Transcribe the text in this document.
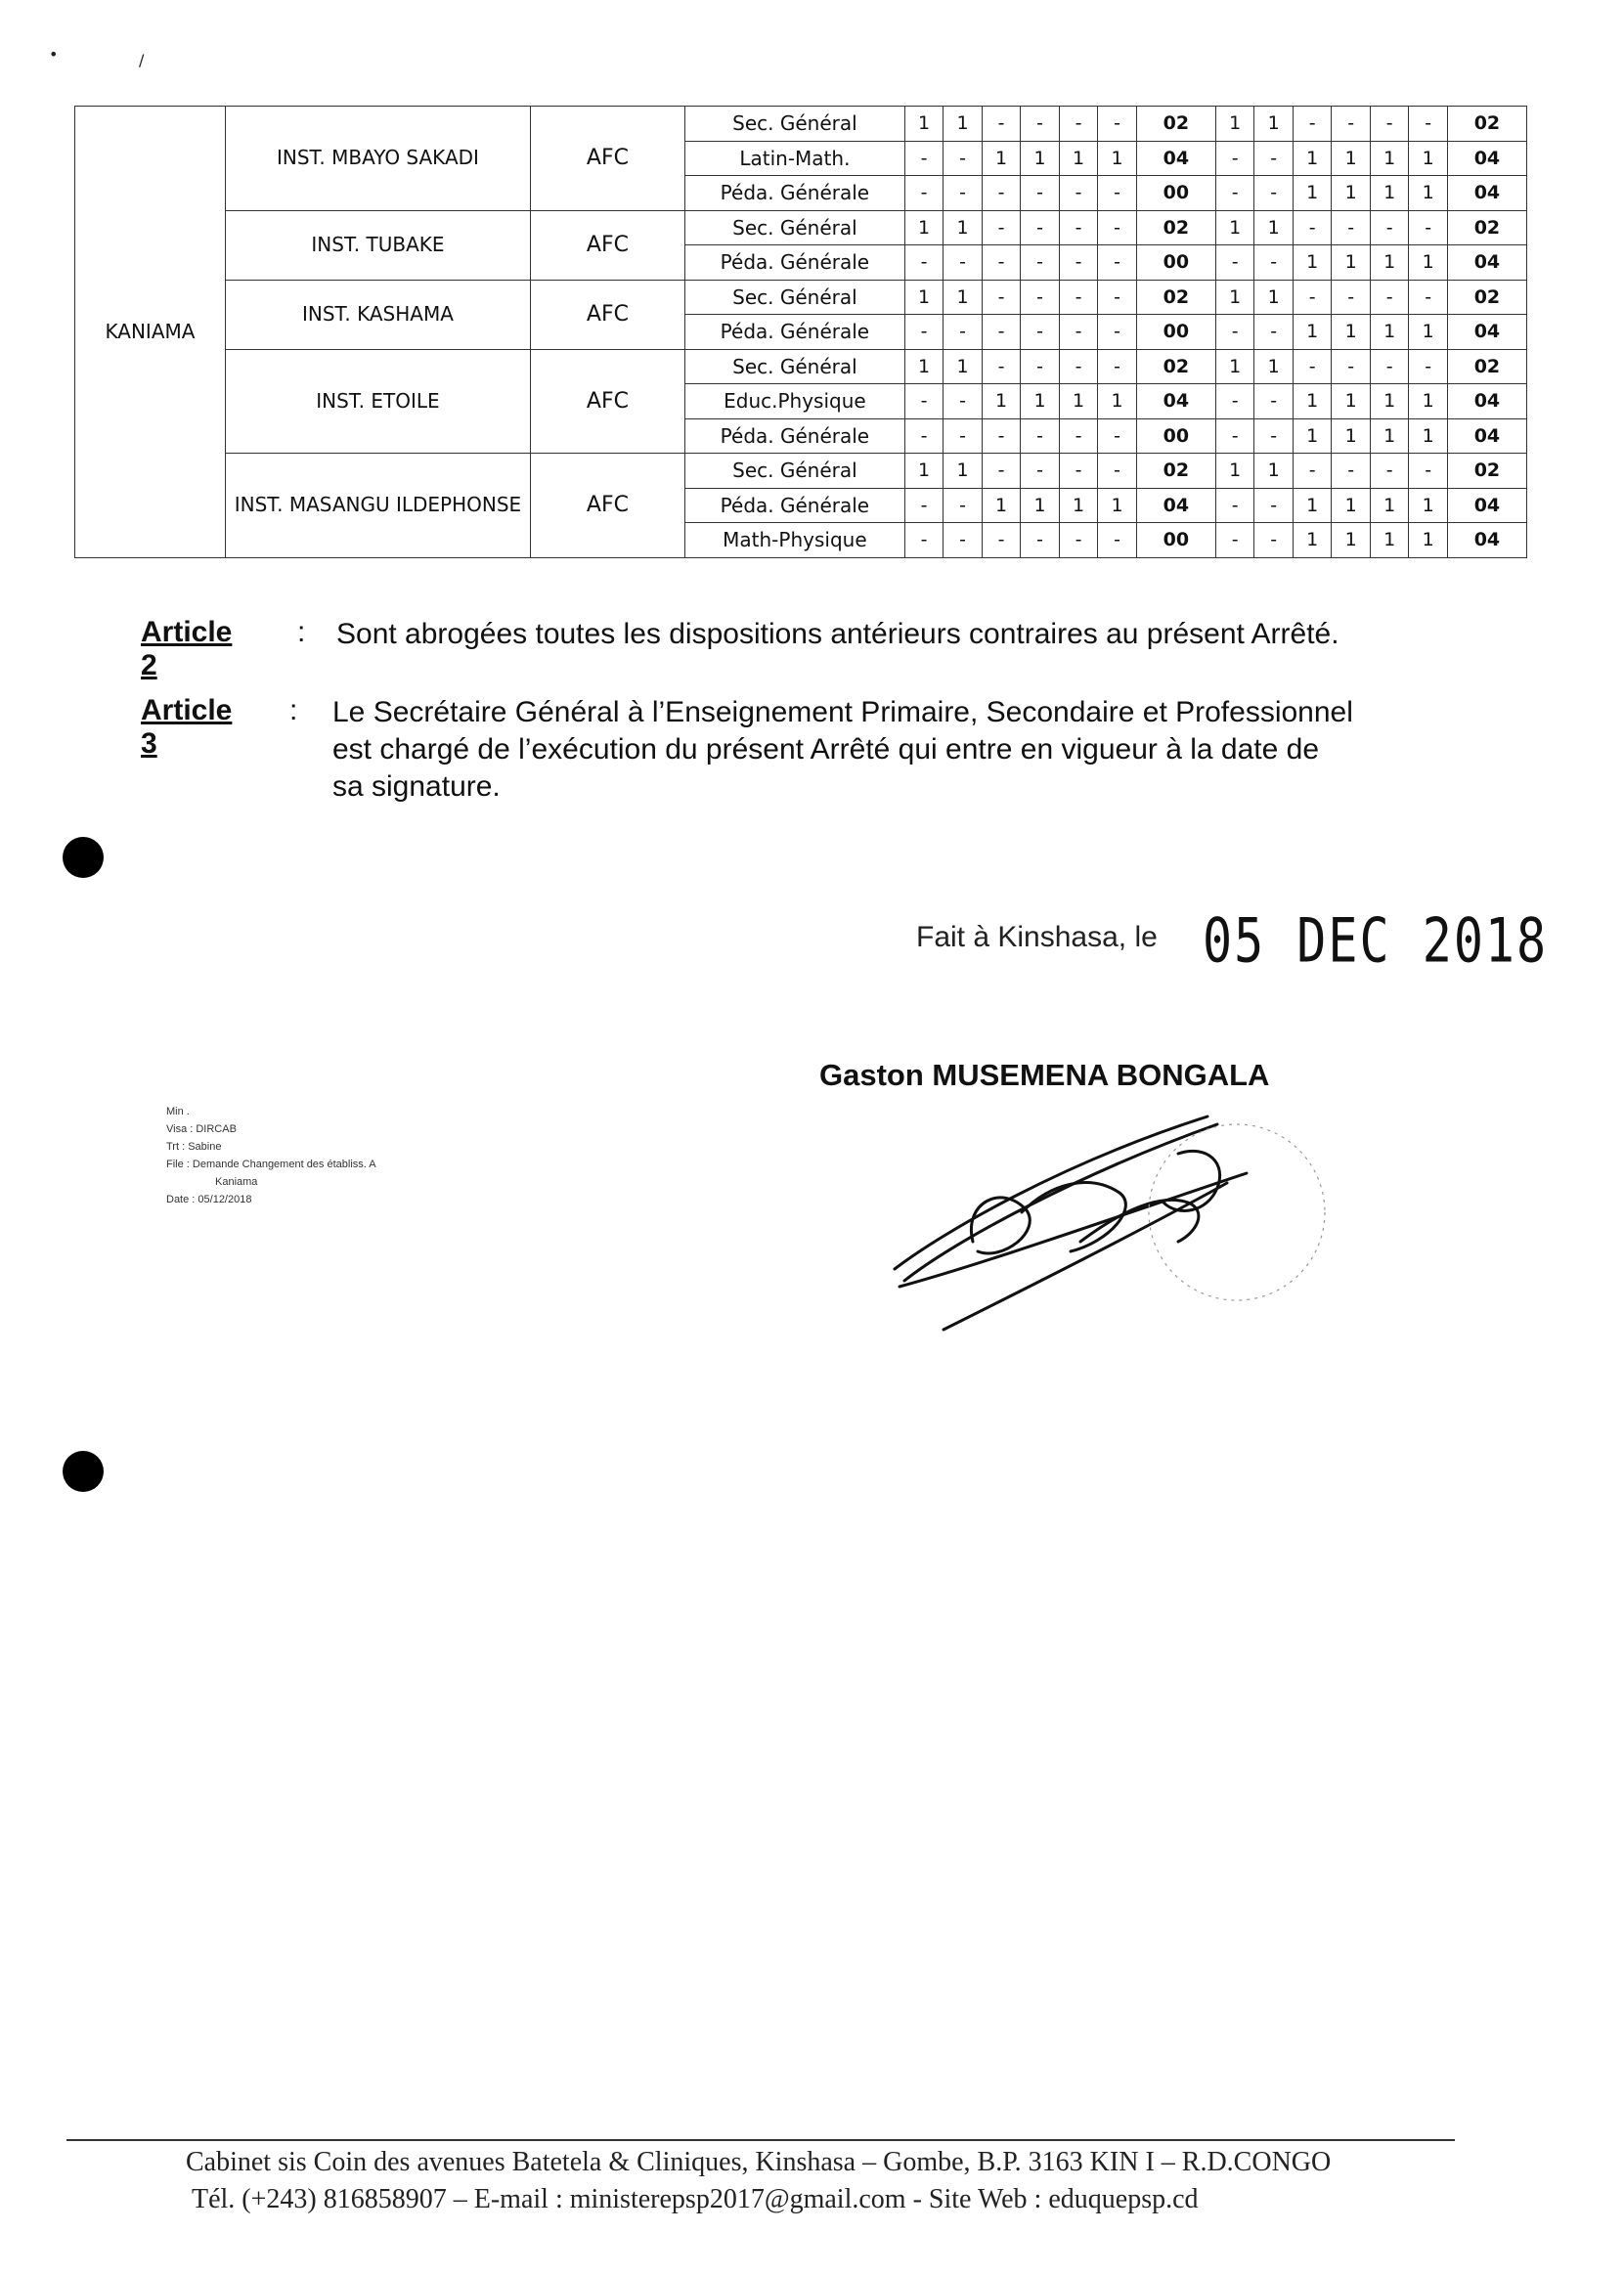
•	/
KANIAMA	INST. MBAYO SAKADI	AFC	Sec. Général	1	1	-	-	-	-	02	1	1	-	-	-	-	02
			Latin-Math.	-	-	1	1	1	1	04	-	-	1	1	1	1	04
			Péda. Générale	-	-	-	-	-	-	00	-	-	1	1	1	1	04
	INST. TUBAKE	AFC	Sec. Général	1	1	-	-	-	-	02	1	1	-	-	-	-	02
			Péda. Générale	-	-	-	-	-	-	00	-	-	1	1	1	1	04
	INST. KASHAMA	AFC	Sec. Général	1	1	-	-	-	-	02	1	1	-	-	-	-	02
			Péda. Générale	-	-	-	-	-	-	00	-	-	1	1	1	1	04
	INST. ETOILE	AFC	Sec. Général	1	1	-	-	-	-	02	1	1	-	-	-	-	02
			Educ.Physique	-	-	1	1	1	1	04	-	-	1	1	1	1	04
			Péda. Générale	-	-	-	-	-	-	00	-	-	1	1	1	1	04
	INST. MASANGU ILDEPHONSE	AFC	Sec. Général	1	1	-	-	-	-	02	1	1	-	-	-	-	02
			Péda. Générale	-	-	1	1	1	1	04	-	-	1	1	1	1	04
			Math-Physique	-	-	-	-	-	-	00	-	-	1	1	1	1	04
Article 2
: Sont abrogées toutes les dispositions antérieurs contraires au présent Arrêté.
Article 3
: Le Secrétaire Général à l’Enseignement Primaire, Secondaire et Professionnel
est chargé de l’exécution du présent Arrêté qui entre en vigueur à la date de
sa signature.
Fait à Kinshasa, le 05 DEC 2018
Gaston MUSEMENA BONGALA
Min .
Visa : DIRCAB
Trt : Sabine
File : Demande Changement des établiss. A
Kaniama
Date : 05/12/2018
Cabinet sis Coin des avenues Batetela & Cliniques, Kinshasa – Gombe, B.P. 3163 KIN I – R.D.CONGO
Tél. (+243) 816858907 – E-mail : ministerepsp2017@gmail.com - Site Web : eduquepsp.cd
